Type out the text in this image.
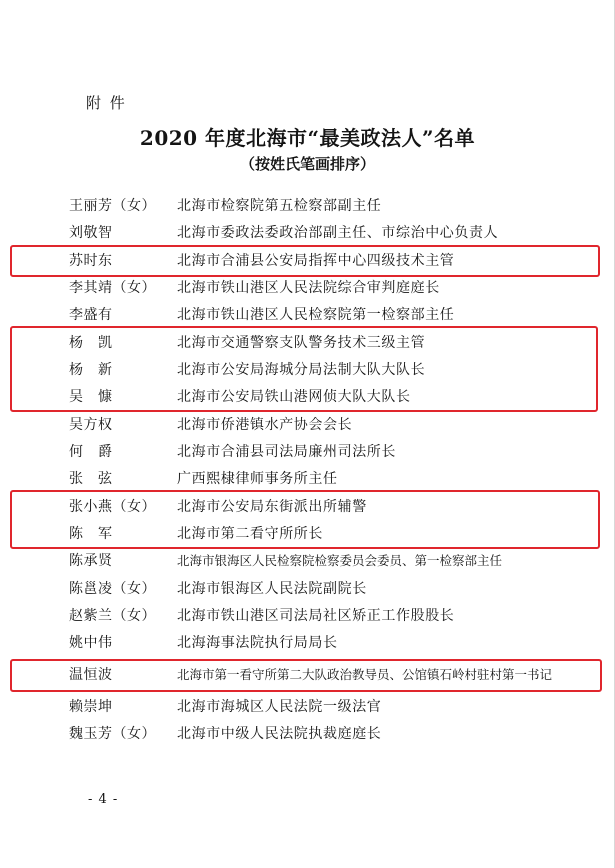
附 件
2020 年度北海市“最美政法人”名单
（按姓氏笔画排序）
王丽芳（女）	北海市检察院第五检察部副主任
刘敬智	北海市委政法委政治部副主任、市综治中心负责人
苏时东	北海市合浦县公安局指挥中心四级技术主管
李其靖（女）	北海市铁山港区人民法院综合审判庭庭长
李盛有	北海市铁山港区人民检察院第一检察部主任
杨　凯	北海市交通警察支队警务技术三级主管
杨　新	北海市公安局海城分局法制大队大队长
吴　慷	北海市公安局铁山港网侦大队大队长
吴方权	北海市侨港镇水产协会会长
何　爵	北海市合浦县司法局廉州司法所长
张　弦	广西熙棣律师事务所主任
张小燕（女）	北海市公安局东街派出所辅警
陈　军	北海市第二看守所所长
陈承贤	北海市银海区人民检察院检察委员会委员、第一检察部主任
陈邕凌（女）	北海市银海区人民法院副院长
赵紫兰（女）	北海市铁山港区司法局社区矫正工作股股长
姚中伟	北海海事法院执行局局长
温恒波	北海市第一看守所第二大队政治教导员、公馆镇石岭村驻村第一书记
赖崇坤	北海市海城区人民法院一级法官
魏玉芳（女）	北海市中级人民法院执裁庭庭长
- 4 -
